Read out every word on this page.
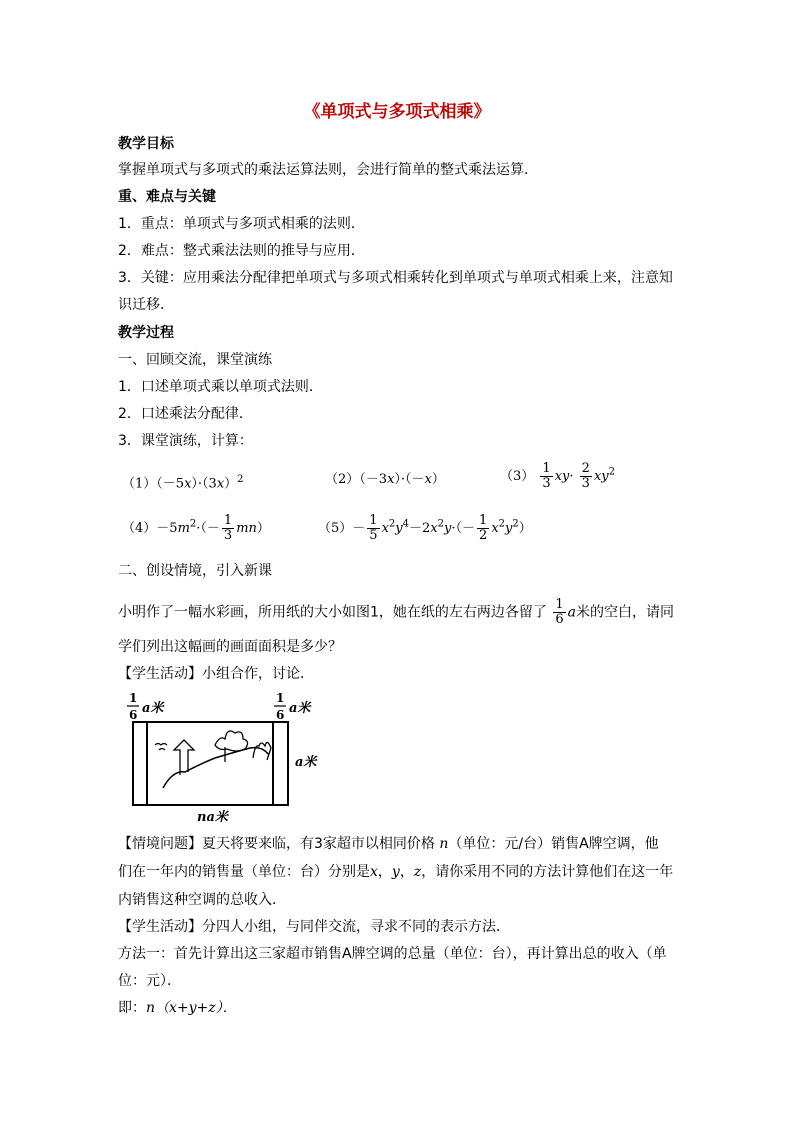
《单项式与多项式相乘》
教学目标
掌握单项式与多项式的乘法运算法则，会进行简单的整式乘法运算．
重、难点与关键
1．重点：单项式与多项式相乘的法则．
2．难点：整式乘法法则的推导与应用．
3．关键：应用乘法分配律把单项式与多项式相乘转化到单项式与单项式相乘上来，注意知
识迁移．
教学过程
一、回顾交流，课堂演练
1．口述单项式乘以单项式法则．
2．口述乘法分配律．
3．课堂演练，计算：
$(1)(-5x)\cdot(3x)^2$	（2）（－3x）·（－x）	$(3) \frac{1}{3} xy\cdot \frac{2}{3} xy^2$
$(4)-5m^2\cdot(- \frac{1}{3} mn)$	$(5)- \frac{1}{5} x^2y^4-2x^2y\cdot(- \frac{1}{2} x^2y^2)$
二、创设情境，引入新课
小明作了一幅水彩画，所用纸的大小如图1，她在纸的左右两边各留了 $\frac{1}{6}$ a米的空白，请同
学们列出这幅画的画面面积是多少？
【学生活动】小组合作，讨论．
1
6 a米
1
6 a米
a米
na米
【情境问题】夏天将要来临，有3家超市以相同价格 n（单位：元/台）销售A牌空调，他
们在一年内的销售量（单位：台）分别是x，y，z，请你采用不同的方法计算他们在这一年
内销售这种空调的总收入．
【学生活动】分四人小组，与同伴交流，寻求不同的表示方法．
方法一：首先计算出这三家超市销售A牌空调的总量（单位：台），再计算出总的收入（单
位：元）．
即：n（x+y+z）．
